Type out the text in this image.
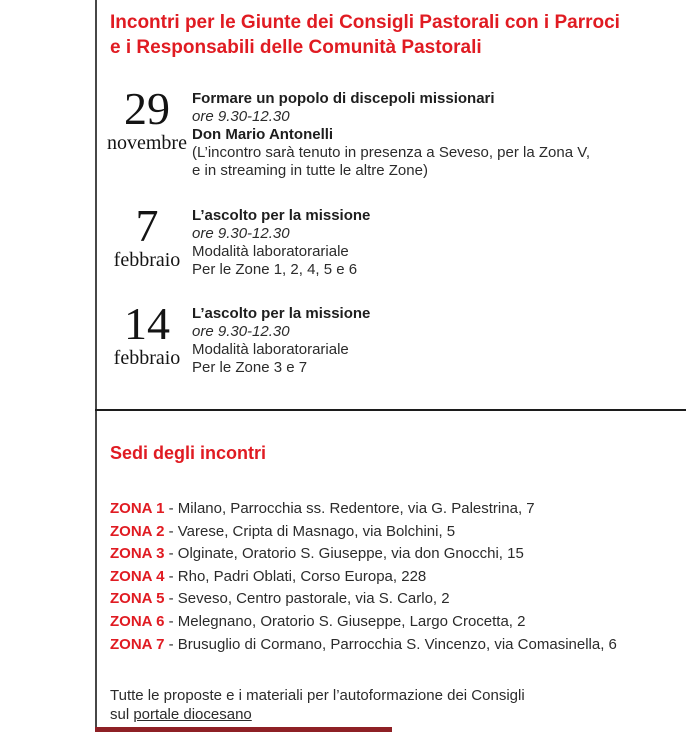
Incontri per le Giunte dei Consigli Pastorali con i Parroci
e i Responsabili delle Comunità Pastorali
29
novembre
Formare un popolo di discepoli missionari
ore 9.30-12.30
Don Mario Antonelli
(L’incontro sarà tenuto in presenza a Seveso, per la Zona V,
e in streaming in tutte le altre Zone)
7
febbraio
L’ascolto per la missione
ore 9.30-12.30
Modalità laboratorariale
Per le Zone 1, 2, 4, 5 e 6
14
febbraio
L’ascolto per la missione
ore 9.30-12.30
Modalità laboratorariale
Per le Zone 3 e 7
Sedi degli incontri
ZONA 1 - Milano, Parrocchia ss. Redentore, via G. Palestrina, 7
ZONA 2 - Varese, Cripta di Masnago, via Bolchini, 5
ZONA 3 - Olginate, Oratorio S. Giuseppe, via don Gnocchi, 15
ZONA 4 - Rho, Padri Oblati, Corso Europa, 228
ZONA 5 - Seveso, Centro pastorale, via S. Carlo, 2
ZONA 6 - Melegnano, Oratorio S. Giuseppe, Largo Crocetta, 2
ZONA 7 - Brusuglio di Cormano, Parrocchia S. Vincenzo, via Comasinella, 6
Tutte le proposte e i materiali per l’autoformazione dei Consigli
sul portale diocesano
